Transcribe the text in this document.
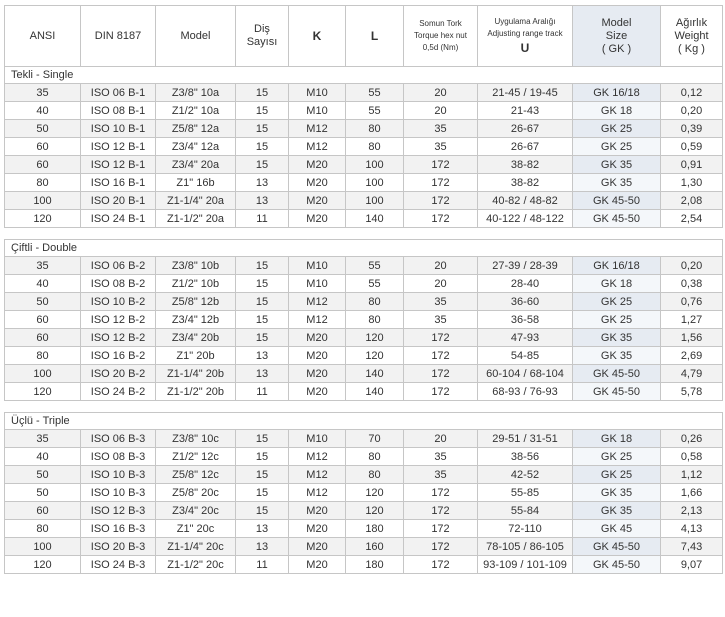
ANSI	DIN 8187	Model	Diş
Sayısı	K	L	Somun Tork
Torque hex nut
0,5d (Nm)	Uygulama Aralığı
Adjusting range track
U	Model
Size
( GK )	Ağırlık
Weight
( Kg )

Tekli - Single									
35	ISO 06 B-1	Z3/8" 10a	15	M10	55	20	21-45 / 19-45	GK 16/18	0,12
40	ISO 08 B-1	Z1/2" 10a	15	M10	55	20	21-43	GK 18	0,20
50	ISO 10 B-1	Z5/8" 12a	15	M12	80	35	26-67	GK 25	0,39
60	ISO 12 B-1	Z3/4" 12a	15	M12	80	35	26-67	GK 25	0,59
60	ISO 12 B-1	Z3/4" 20a	15	M20	100	172	38-82	GK 35	0,91
80	ISO 16 B-1	Z1" 16b	13	M20	100	172	38-82	GK 35	1,30
100	ISO 20 B-1	Z1-1/4" 20a	13	M20	100	172	40-82 / 48-82	GK 45-50	2,08
120	ISO 24 B-1	Z1-1/2" 20a	11	M20	140	172	40-122 / 48-122	GK 45-50	2,54
Çiftli - Double									
35	ISO 06 B-2	Z3/8" 10b	15	M10	55	20	27-39 / 28-39	GK 16/18	0,20
40	ISO 08 B-2	Z1/2" 10b	15	M10	55	20	28-40	GK 18	0,38
50	ISO 10 B-2	Z5/8" 12b	15	M12	80	35	36-60	GK 25	0,76
60	ISO 12 B-2	Z3/4" 12b	15	M12	80	35	36-58	GK 25	1,27
60	ISO 12 B-2	Z3/4" 20b	15	M20	120	172	47-93	GK 35	1,56
80	ISO 16 B-2	Z1" 20b	13	M20	120	172	54-85	GK 35	2,69
100	ISO 20 B-2	Z1-1/4" 20b	13	M20	140	172	60-104 / 68-104	GK 45-50	4,79
120	ISO 24 B-2	Z1-1/2" 20b	11	M20	140	172	68-93 / 76-93	GK 45-50	5,78
Üçlü - Triple									
35	ISO 06 B-3	Z3/8" 10c	15	M10	70	20	29-51 / 31-51	GK 18	0,26
40	ISO 08 B-3	Z1/2" 12c	15	M12	80	35	38-56	GK 25	0,58
50	ISO 10 B-3	Z5/8" 12c	15	M12	80	35	42-52	GK 25	1,12
50	ISO 10 B-3	Z5/8" 20c	15	M12	120	172	55-85	GK 35	1,66
60	ISO 12 B-3	Z3/4" 20c	15	M20	120	172	55-84	GK 35	2,13
80	ISO 16 B-3	Z1" 20c	13	M20	180	172	72-110	GK 45	4,13
100	ISO 20 B-3	Z1-1/4" 20c	13	M20	160	172	78-105 / 86-105	GK 45-50	7,43
120	ISO 24 B-3	Z1-1/2" 20c	11	M20	180	172	93-109 / 101-109	GK 45-50	9,07
